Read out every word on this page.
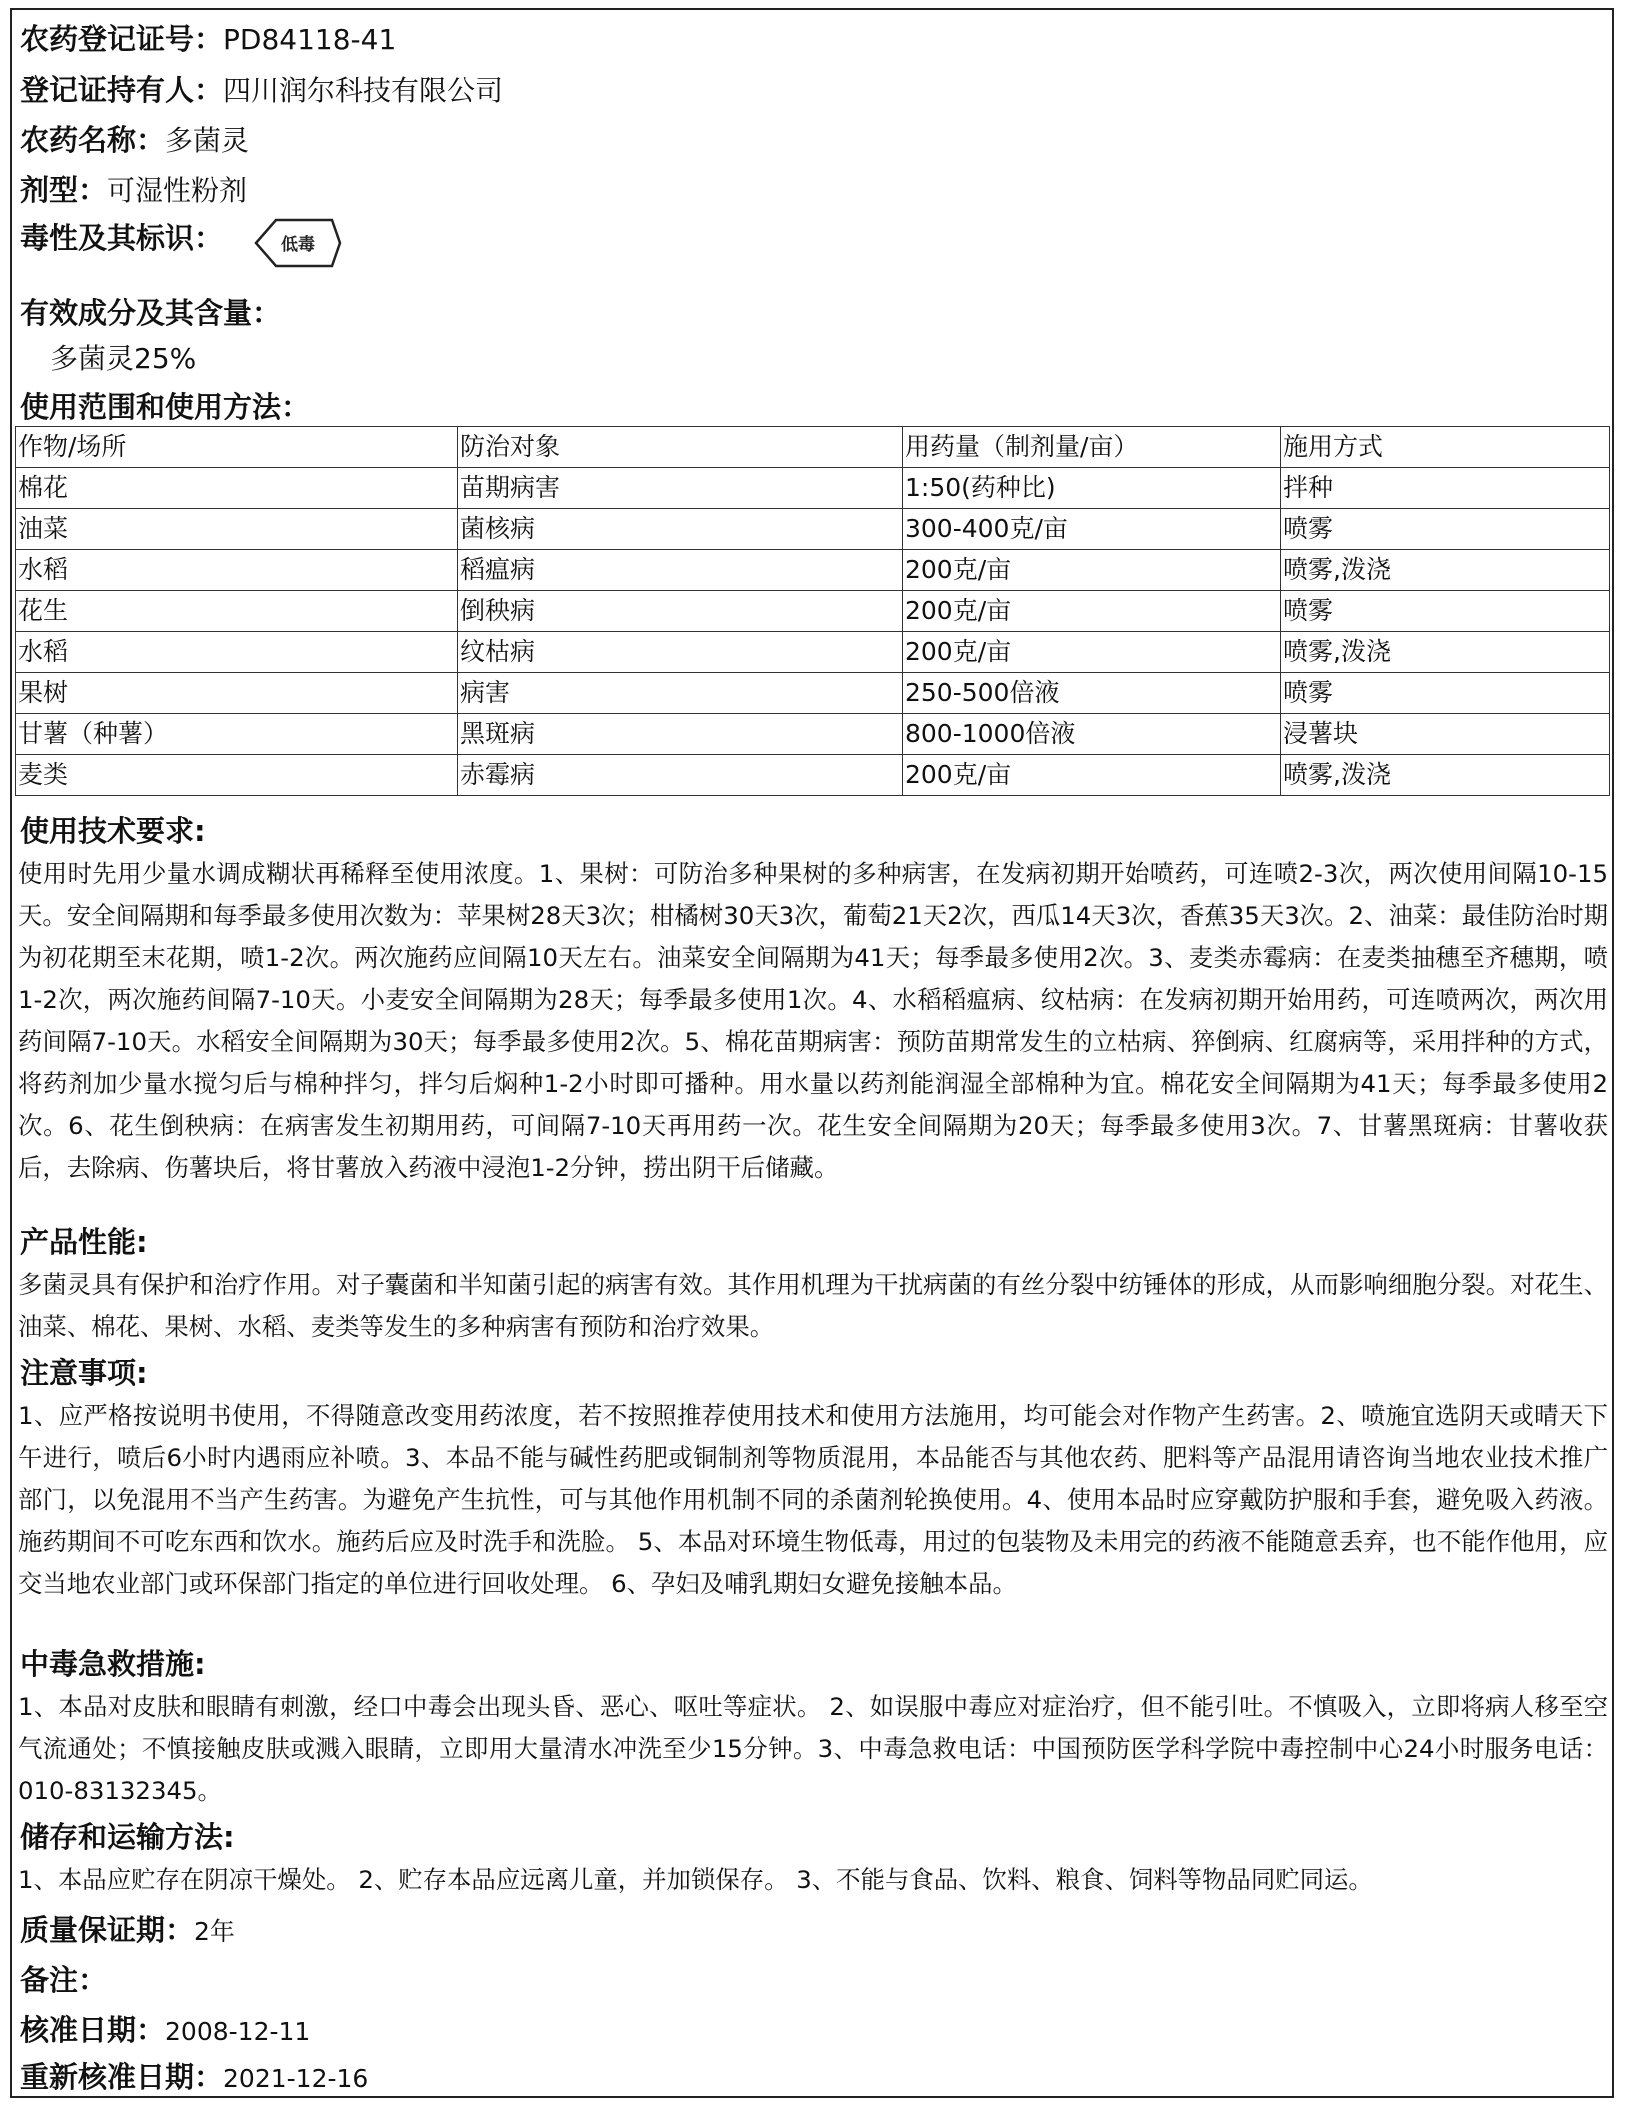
农药登记证号：PD84118-41
登记证持有人：四川润尔科技有限公司
农药名称：多菌灵
剂型：可湿性粉剂
毒性及其标识：	低毒
有效成分及其含量：
多菌灵25%
使用范围和使用方法：
作物/场所	防治对象	用药量（制剂量/亩）	施用方式
棉花	苗期病害	1:50(药种比)	拌种
油菜	菌核病	300-400克/亩	喷雾
水稻	稻瘟病	200克/亩	喷雾,泼浇
花生	倒秧病	200克/亩	喷雾
水稻	纹枯病	200克/亩	喷雾,泼浇
果树	病害	250-500倍液	喷雾
甘薯（种薯）	黑斑病	800-1000倍液	浸薯块
麦类	赤霉病	200克/亩	喷雾,泼浇
使用技术要求:
使用时先用少量水调成糊状再稀释至使用浓度。1、果树：可防治多种果树的多种病害，在发病初期开始喷药，可连喷2-3次，两次使用间隔10-15天。安全间隔期和每季最多使用次数为：苹果树28天3次；柑橘树30天3次，葡萄21天2次，西瓜14天3次，香蕉35天3次。2、油菜：最佳防治时期为初花期至末花期，喷1-2次。两次施药应间隔10天左右。油菜安全间隔期为41天；每季最多使用2次。3、麦类赤霉病：在麦类抽穗至齐穗期，喷1-2次，两次施药间隔7-10天。小麦安全间隔期为28天；每季最多使用1次。4、水稻稻瘟病、纹枯病：在发病初期开始用药，可连喷两次，两次用药间隔7-10天。水稻安全间隔期为30天；每季最多使用2次。5、棉花苗期病害：预防苗期常发生的立枯病、猝倒病、红腐病等，采用拌种的方式，将药剂加少量水搅匀后与棉种拌匀，拌匀后焖种1-2小时即可播种。用水量以药剂能润湿全部棉种为宜。棉花安全间隔期为41天；每季最多使用2次。6、花生倒秧病：在病害发生初期用药，可间隔7-10天再用药一次。花生安全间隔期为20天；每季最多使用3次。7、甘薯黑斑病：甘薯收获后，去除病、伤薯块后，将甘薯放入药液中浸泡1-2分钟，捞出阴干后储藏。
产品性能:
多菌灵具有保护和治疗作用。对子囊菌和半知菌引起的病害有效。其作用机理为干扰病菌的有丝分裂中纺锤体的形成，从而影响细胞分裂。对花生、油菜、棉花、果树、水稻、麦类等发生的多种病害有预防和治疗效果。
注意事项:
1、应严格按说明书使用，不得随意改变用药浓度，若不按照推荐使用技术和使用方法施用，均可能会对作物产生药害。2、喷施宜选阴天或晴天下午进行，喷后6小时内遇雨应补喷。3、本品不能与碱性药肥或铜制剂等物质混用，本品能否与其他农药、肥料等产品混用请咨询当地农业技术推广部门，以免混用不当产生药害。为避免产生抗性，可与其他作用机制不同的杀菌剂轮换使用。4、使用本品时应穿戴防护服和手套，避免吸入药液。施药期间不可吃东西和饮水。施药后应及时洗手和洗脸。 5、本品对环境生物低毒，用过的包装物及未用完的药液不能随意丢弃，也不能作他用，应交当地农业部门或环保部门指定的单位进行回收处理。 6、孕妇及哺乳期妇女避免接触本品。
中毒急救措施:
1、本品对皮肤和眼睛有刺激，经口中毒会出现头昏、恶心、呕吐等症状。 2、如误服中毒应对症治疗，但不能引吐。不慎吸入，立即将病人移至空气流通处；不慎接触皮肤或溅入眼睛，立即用大量清水冲洗至少15分钟。3、中毒急救电话：中国预防医学科学院中毒控制中心24小时服务电话：010-83132345。
储存和运输方法:
1、本品应贮存在阴凉干燥处。 2、贮存本品应远离儿童，并加锁保存。 3、不能与食品、饮料、粮食、饲料等物品同贮同运。
质量保证期：2年
备注：
核准日期：2008-12-11
重新核准日期：2021-12-16
